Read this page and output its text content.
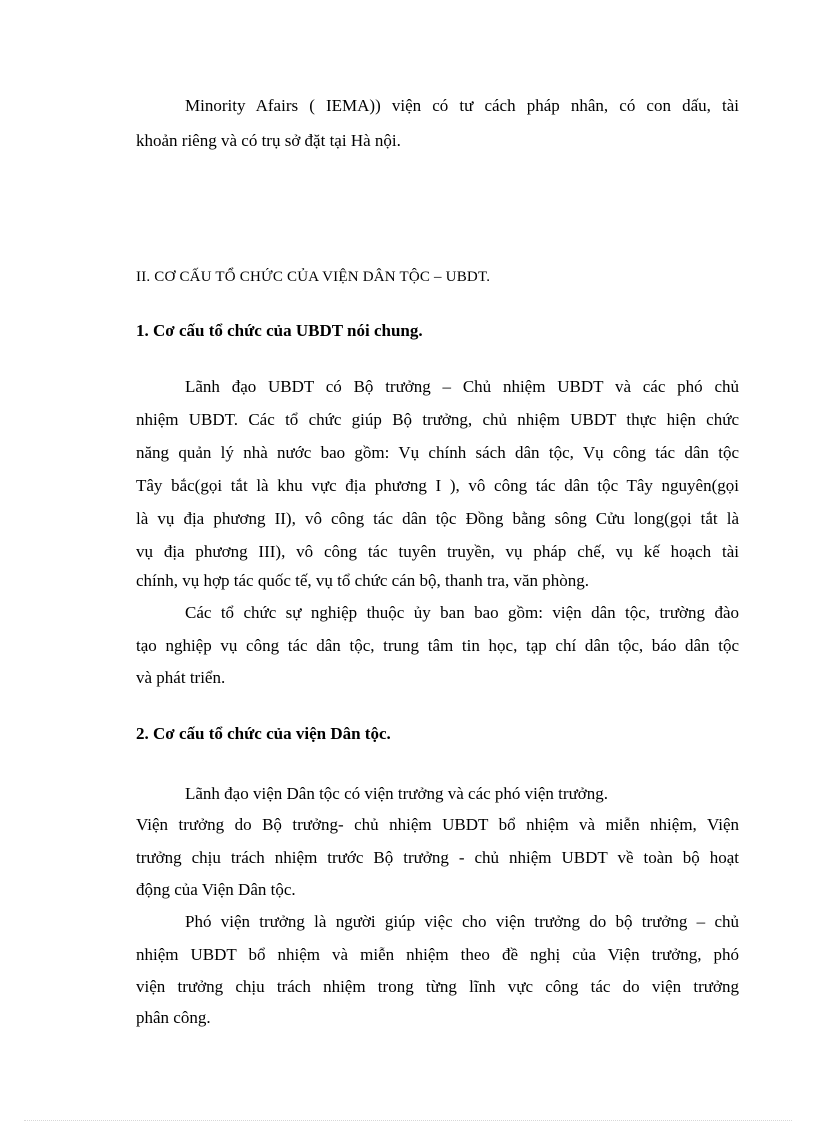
Minority Afairs ( IEMA)) viện có tư cách pháp nhân, có con dấu, tài
khoản riêng và có trụ sở đặt tại Hà nội.
II. CƠ CẤU TỔ CHỨC CỦA VIỆN DÂN TỘC – UBDT.
1. Cơ cấu tổ chức của UBDT nói chung.
Lãnh đạo UBDT có Bộ trưởng – Chủ nhiệm UBDT và các phó chủ
nhiệm UBDT. Các tổ chức giúp Bộ trưởng, chủ nhiệm UBDT thực hiện chức
năng quản lý nhà nước bao gồm: Vụ chính sách dân tộc, Vụ công tác dân tộc
Tây bắc(gọi tắt là khu vực địa phương I ), vô công tác dân tộc Tây nguyên(gọi
là vụ địa phương II), vô công tác dân tộc Đồng bằng sông Cửu long(gọi tắt là
vụ địa phương III), vô công tác tuyên truyền, vụ pháp chế, vụ kế hoạch tài
chính, vụ hợp tác quốc tế, vụ tổ chức cán bộ, thanh tra, văn phòng.
Các tổ chức sự nghiệp thuộc ủy ban bao gồm: viện dân tộc, trường đào
tạo nghiệp vụ công tác dân tộc, trung tâm tin học, tạp chí dân tộc, báo dân tộc
và phát triển.
2. Cơ cấu tổ chức của viện Dân tộc.
Lãnh đạo viện Dân tộc có viện trưởng và các phó viện trưởng.
Viện trưởng do Bộ trưởng- chủ nhiệm UBDT bổ nhiệm và miễn nhiệm, Viện
trưởng chịu trách nhiệm trước Bộ trưởng - chủ nhiệm UBDT về toàn bộ hoạt
động của Viện Dân tộc.
Phó viện trưởng là người giúp việc cho viện trưởng do bộ trưởng – chủ
nhiệm UBDT bổ nhiệm và miễn nhiệm theo đề nghị của Viện trưởng, phó
viện trưởng chịu trách nhiệm trong từng lĩnh vực công tác do viện trưởng
phân công.
